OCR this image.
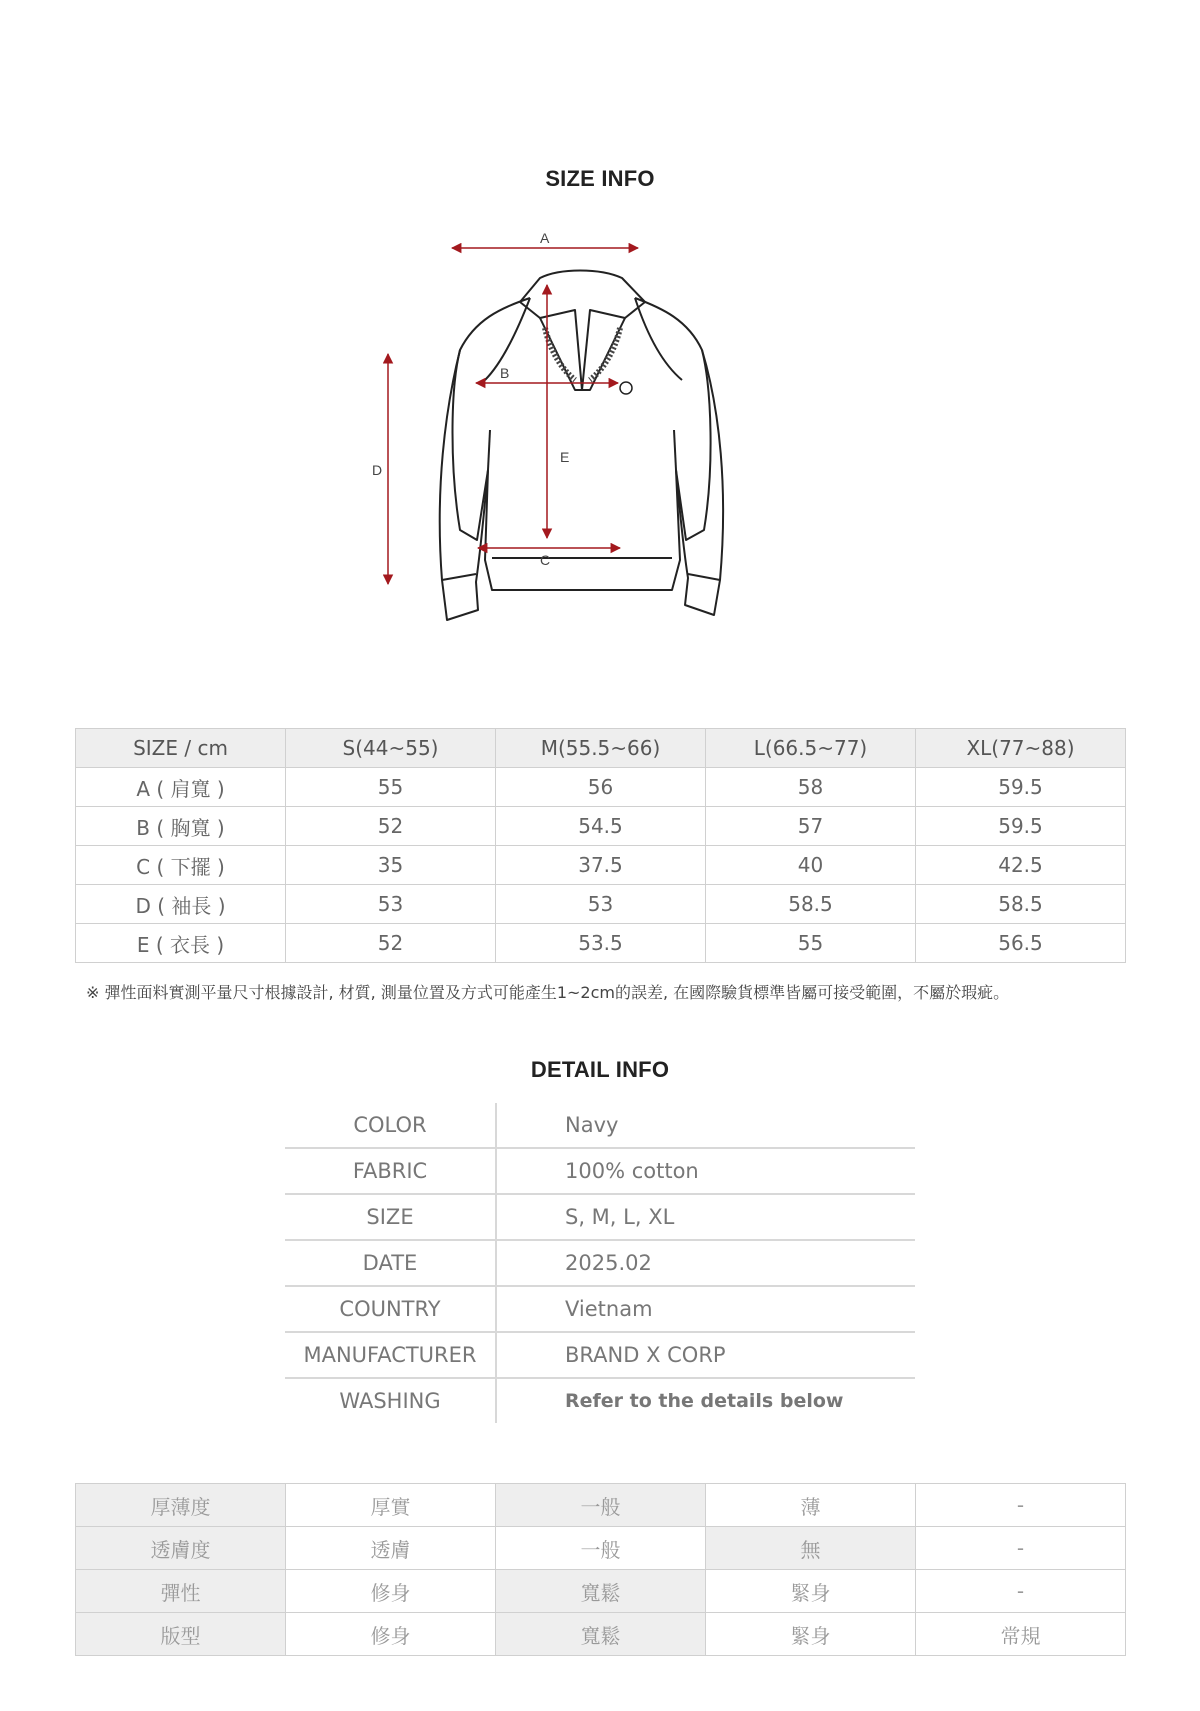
SIZE INFO
A
B
C
D
E
SIZE / cm	S(44~55)	M(55.5~66)	L(66.5~77)	XL(77~88)
A ( 肩寬 )	55	56	58	59.5
B ( 胸寬 )	52	54.5	57	59.5
C ( 下擺 )	35	37.5	40	42.5
D ( 袖長 )	53	53	58.5	58.5
E ( 衣長 )	52	53.5	55	56.5
※ 彈性面料實測平量尺寸根據設計, 材質, 測量位置及方式可能產生1~2cm的誤差, 在國際驗貨標準皆屬可接受範圍，不屬於瑕疵。
DETAIL INFO
COLOR	Navy
FABRIC	100% cotton
SIZE	S, M, L, XL
DATE	2025.02
COUNTRY	Vietnam
MANUFACTURER	BRAND X CORP
WASHING	Refer to the details below
厚薄度	厚實	一般	薄	-
透膚度	透膚	一般	無	-
彈性	修身	寬鬆	緊身	-
版型	修身	寬鬆	緊身	常規
